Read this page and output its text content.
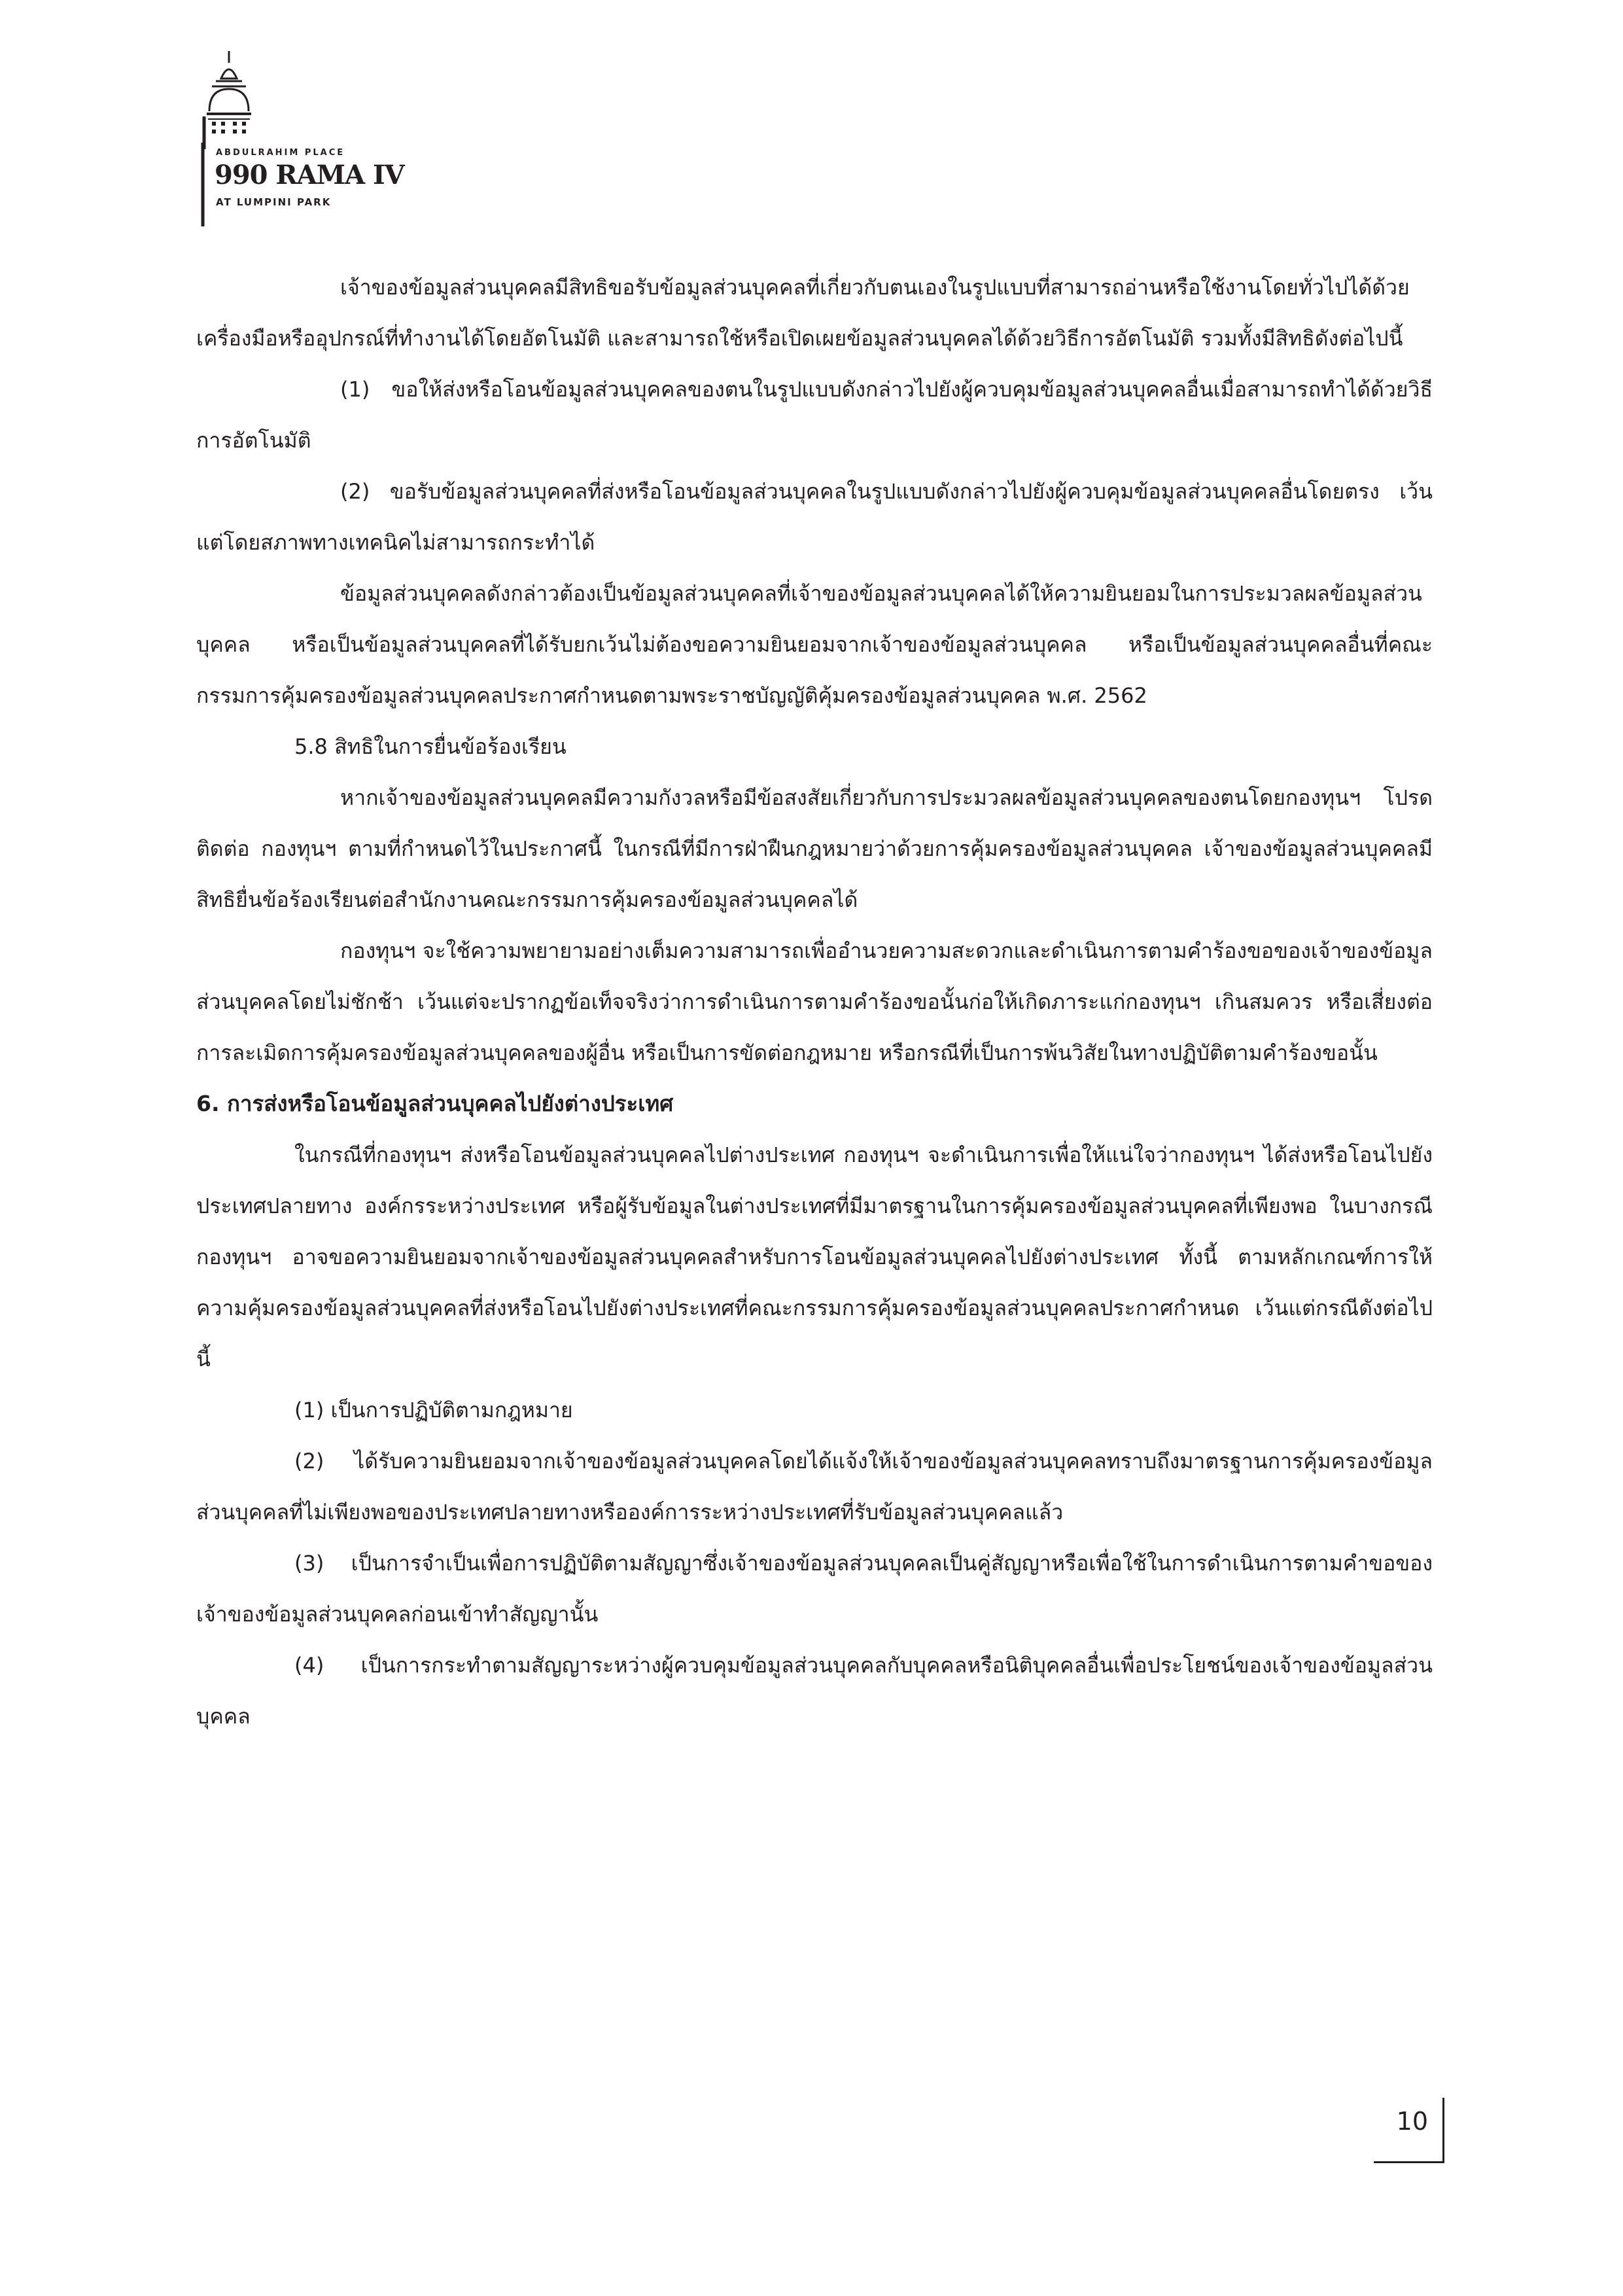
ABDULRAHIM PLACE
990 RAMA IV
AT LUMPINI PARK

เจ้าของข้อมูลส่วนบุคคลมีสิทธิขอรับข้อมูลส่วนบุคคลที่เกี่ยวกับตนเองในรูปแบบที่สามารถอ่านหรือใช้งานโดยทั่วไปได้ด้วยเครื่องมือหรืออุปกรณ์ที่ทำงานได้โดยอัตโนมัติ และสามารถใช้หรือเปิดเผยข้อมูลส่วนบุคคลได้ด้วยวิธีการอัตโนมัติ รวมทั้งมีสิทธิดังต่อไปนี้

(1) ขอให้ส่งหรือโอนข้อมูลส่วนบุคคลของตนในรูปแบบดังกล่าวไปยังผู้ควบคุมข้อมูลส่วนบุคคลอื่นเมื่อสามารถทำได้ด้วยวิธีการอัตโนมัติ

(2) ขอรับข้อมูลส่วนบุคคลที่ส่งหรือโอนข้อมูลส่วนบุคคลในรูปแบบดังกล่าวไปยังผู้ควบคุมข้อมูลส่วนบุคคลอื่นโดยตรง เว้นแต่โดยสภาพทางเทคนิคไม่สามารถกระทำได้

ข้อมูลส่วนบุคคลดังกล่าวต้องเป็นข้อมูลส่วนบุคคลที่เจ้าของข้อมูลส่วนบุคคลได้ให้ความยินยอมในการประมวลผลข้อมูลส่วนบุคคล หรือเป็นข้อมูลส่วนบุคคลที่ได้รับยกเว้นไม่ต้องขอความยินยอมจากเจ้าของข้อมูลส่วนบุคคล หรือเป็นข้อมูลส่วนบุคคลอื่นที่คณะกรรมการคุ้มครองข้อมูลส่วนบุคคลประกาศกำหนดตามพระราชบัญญัติคุ้มครองข้อมูลส่วนบุคคล พ.ศ. 2562

5.8 สิทธิในการยื่นข้อร้องเรียน

หากเจ้าของข้อมูลส่วนบุคคลมีความกังวลหรือมีข้อสงสัยเกี่ยวกับการประมวลผลข้อมูลส่วนบุคคลของตนโดยกองทุนฯ โปรดติดต่อ กองทุนฯ ตามที่กำหนดไว้ในประกาศนี้ ในกรณีที่มีการฝ่าฝืนกฎหมายว่าด้วยการคุ้มครองข้อมูลส่วนบุคคล เจ้าของข้อมูลส่วนบุคคลมีสิทธิยื่นข้อร้องเรียนต่อสำนักงานคณะกรรมการคุ้มครองข้อมูลส่วนบุคคลได้

กองทุนฯ จะใช้ความพยายามอย่างเต็มความสามารถเพื่ออำนวยความสะดวกและดำเนินการตามคำร้องขอของเจ้าของข้อมูลส่วนบุคคลโดยไม่ชักช้า เว้นแต่จะปรากฏข้อเท็จจริงว่าการดำเนินการตามคำร้องขอนั้นก่อให้เกิดภาระแก่กองทุนฯ เกินสมควร หรือเสี่ยงต่อการละเมิดการคุ้มครองข้อมูลส่วนบุคคลของผู้อื่น หรือเป็นการขัดต่อกฎหมาย หรือกรณีที่เป็นการพ้นวิสัยในทางปฏิบัติตามคำร้องขอนั้น

6. การส่งหรือโอนข้อมูลส่วนบุคคลไปยังต่างประเทศ

ในกรณีที่กองทุนฯ ส่งหรือโอนข้อมูลส่วนบุคคลไปต่างประเทศ กองทุนฯ จะดำเนินการเพื่อให้แน่ใจว่ากองทุนฯ ได้ส่งหรือโอนไปยังประเทศปลายทาง องค์กรระหว่างประเทศ หรือผู้รับข้อมูลในต่างประเทศที่มีมาตรฐานในการคุ้มครองข้อมูลส่วนบุคคลที่เพียงพอ ในบางกรณีกองทุนฯ อาจขอความยินยอมจากเจ้าของข้อมูลส่วนบุคคลสำหรับการโอนข้อมูลส่วนบุคคลไปยังต่างประเทศ ทั้งนี้ ตามหลักเกณฑ์การให้ความคุ้มครองข้อมูลส่วนบุคคลที่ส่งหรือโอนไปยังต่างประเทศที่คณะกรรมการคุ้มครองข้อมูลส่วนบุคคลประกาศกำหนด เว้นแต่กรณีดังต่อไปนี้

(1) เป็นการปฏิบัติตามกฎหมาย

(2) ได้รับความยินยอมจากเจ้าของข้อมูลส่วนบุคคลโดยได้แจ้งให้เจ้าของข้อมูลส่วนบุคคลทราบถึงมาตรฐานการคุ้มครองข้อมูลส่วนบุคคลที่ไม่เพียงพอของประเทศปลายทางหรือองค์การระหว่างประเทศที่รับข้อมูลส่วนบุคคลแล้ว

(3) เป็นการจำเป็นเพื่อการปฏิบัติตามสัญญาซึ่งเจ้าของข้อมูลส่วนบุคคลเป็นคู่สัญญาหรือเพื่อใช้ในการดำเนินการตามคำขอของเจ้าของข้อมูลส่วนบุคคลก่อนเข้าทำสัญญานั้น

(4) เป็นการกระทำตามสัญญาระหว่างผู้ควบคุมข้อมูลส่วนบุคคลกับบุคคลหรือนิติบุคคลอื่นเพื่อประโยชน์ของเจ้าของข้อมูลส่วนบุคคล

10
